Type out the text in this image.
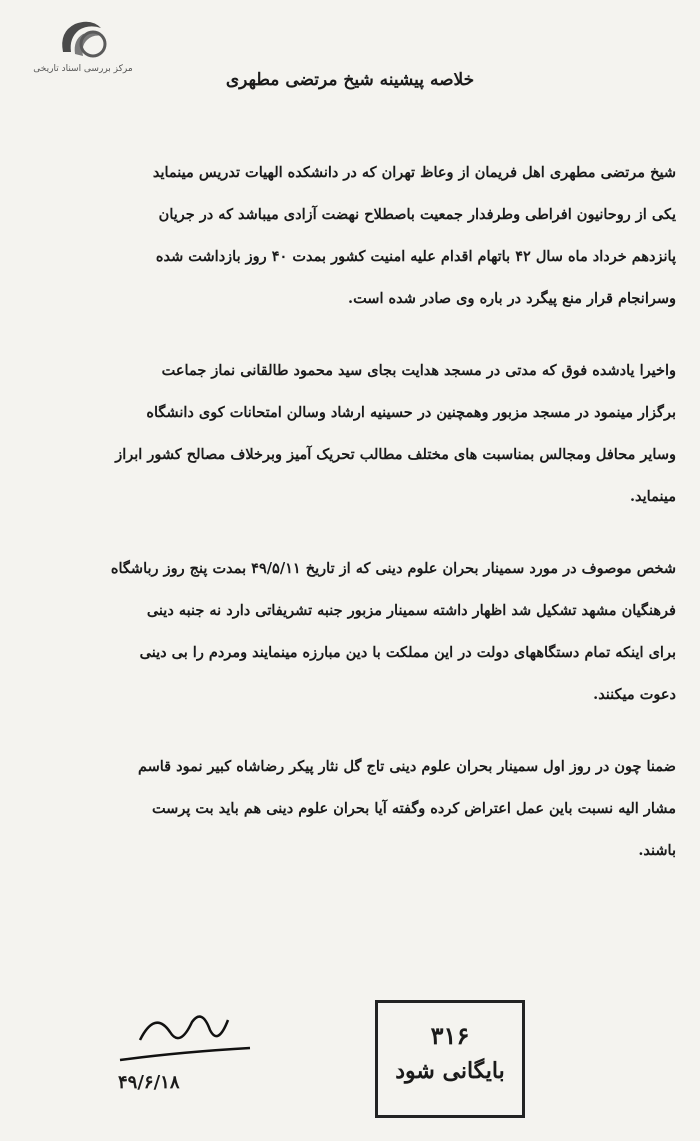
مرکز بررسی اسناد تاریخی
خلاصه پیشینه شیخ مرتضی مطهری
شیخ مرتضی مطهری اهل فریمان از وعاظ تهران که در دانشکده الهیات تدریس مینماید
یکی از روحانیون افراطی وطرفدار جمعیت باصطلاح نهضت آزادی میباشد که در جریان
پانزدهم خرداد ماه سال ۴۲ باتهام اقدام علیه امنیت کشور بمدت ۴۰ روز بازداشت شده
وسرانجام قرار منع پیگرد در باره وی صادر شده است.
واخیرا یادشده فوق که مدتی در مسجد هدایت بجای سید محمود طالقانی نماز جماعت
برگزار مینمود در مسجد مزبور وهمچنین در حسینیه ارشاد وسالن امتحانات کوی دانشگاه
وسایر محافل ومجالس بمناسبت های مختلف مطالب تحریک آمیز وبرخلاف مصالح کشور ابراز
مینماید.
شخص موصوف در مورد سمینار بحران علوم دینی که از تاریخ ۴۹/۵/۱۱ بمدت پنج روز رباشگاه
فرهنگیان مشهد تشکیل شد اظهار داشته سمینار مزبور جنبه تشریفاتی دارد نه جنبه دینی
برای اینکه تمام دستگاههای دولت در این مملکت با دین مبارزه مینمایند ومردم را بی دینی
دعوت میکنند.
ضمنا چون در روز اول سمینار بحران علوم دینی تاج گل نثار پیکر رضاشاه کبیر نمود قاسم
مشار الیه نسبت باین عمل اعتراض کرده وگفته آیا بحران علوم دینی هم باید بت پرست
باشند.
۴۹/۶/۱۸
۳۱۶
بایگانی شود
